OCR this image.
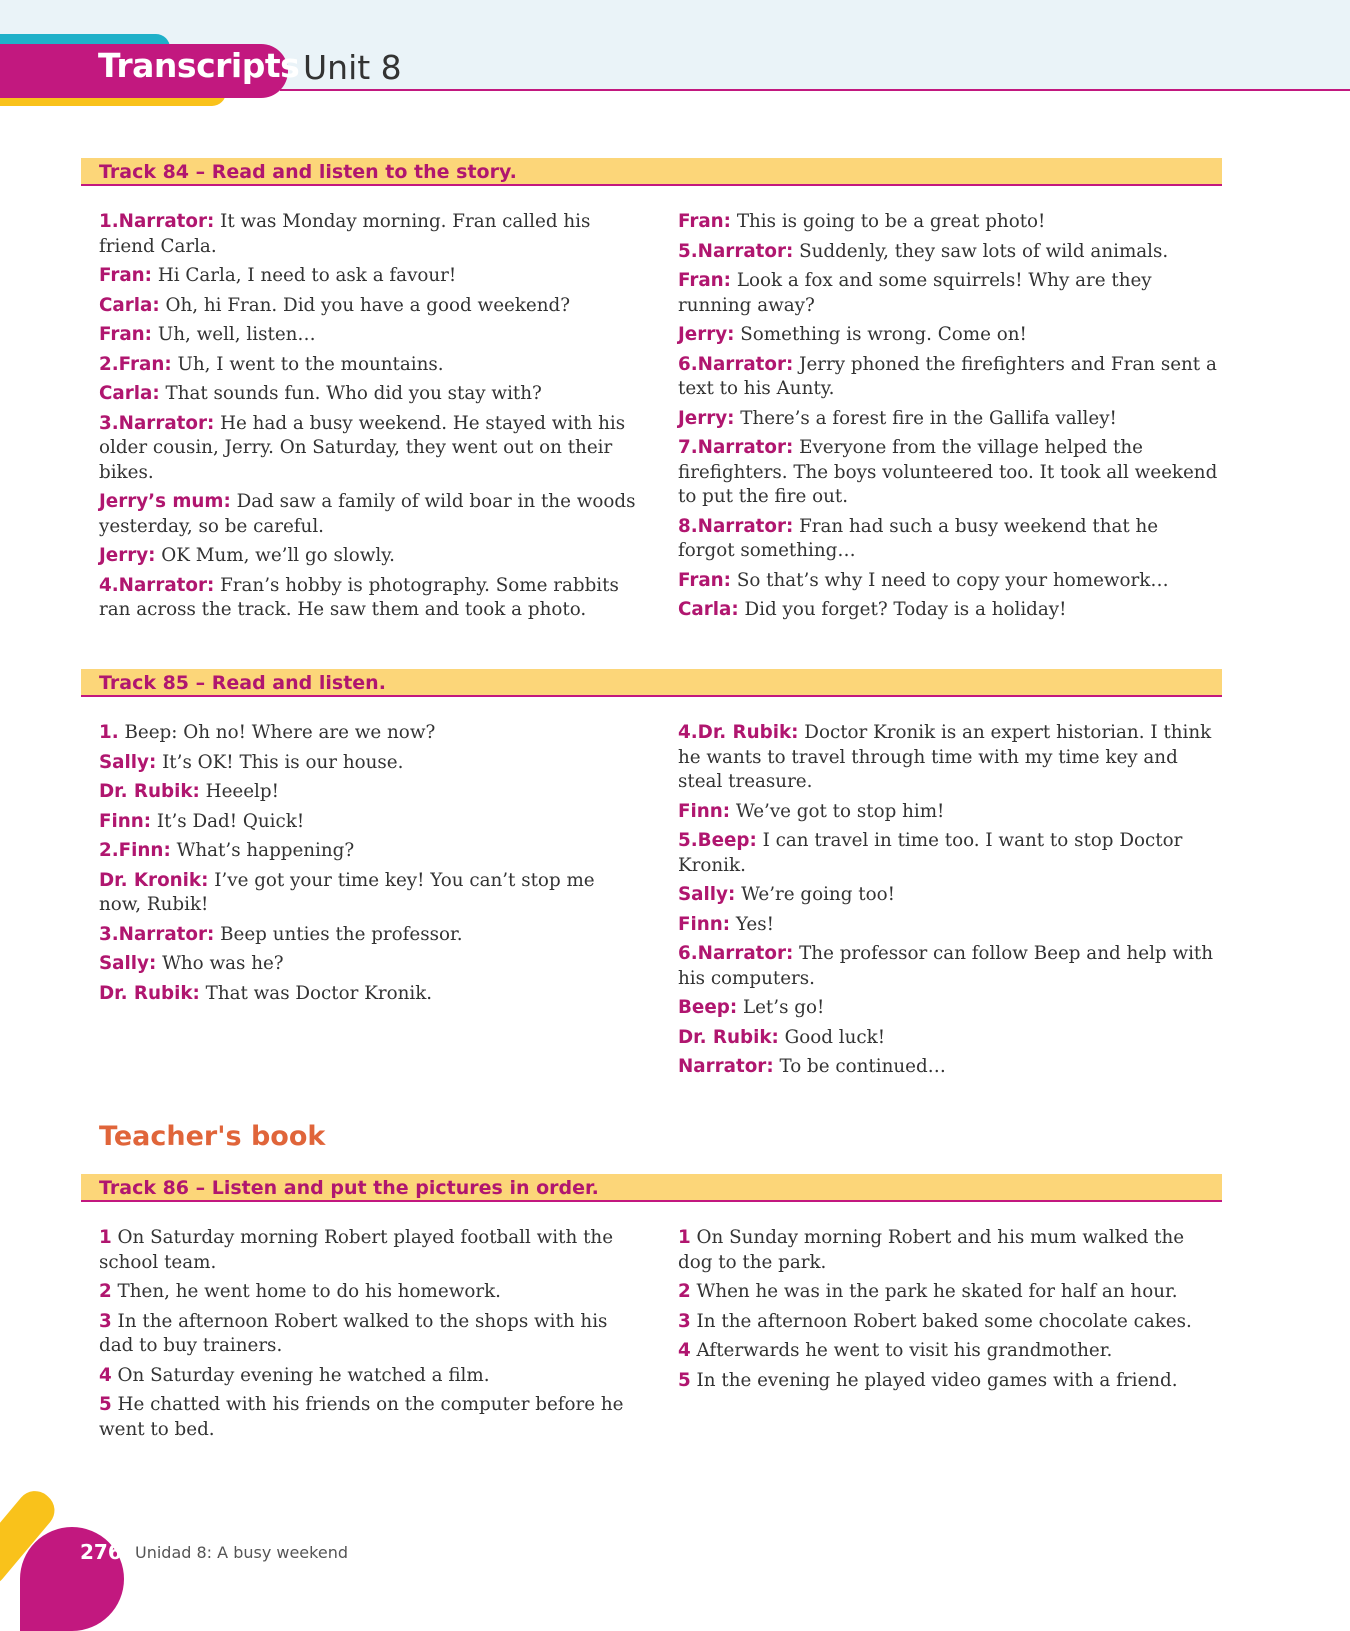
Transcripts Unit 8
Track 84 – Read and listen to the story.

1.Narrator: It was Monday morning. Fran called his friend Carla.

Fran: Hi Carla, I need to ask a favour!

Carla: Oh, hi Fran. Did you have a good weekend?

Fran: Uh, well, listen…

2.Fran: Uh, I went to the mountains.

Carla: That sounds fun. Who did you stay with?

3.Narrator: He had a busy weekend. He stayed with his older cousin, Jerry. On Saturday, they went out on their bikes.

Jerry’s mum: Dad saw a family of wild boar in the woods yesterday, so be careful.

Jerry: OK Mum, we’ll go slowly.

4.Narrator: Fran’s hobby is photography. Some rabbits ran across the track. He saw them and took a photo.

Fran: This is going to be a great photo!

5.Narrator: Suddenly, they saw lots of wild animals.

Fran: Look a fox and some squirrels! Why are they running away?

Jerry: Something is wrong. Come on!

6.Narrator: Jerry phoned the firefighters and Fran sent a text to his Aunty.

Jerry: There’s a forest fire in the Gallifa valley!

7.Narrator: Everyone from the village helped the firefighters. The boys volunteered too. It took all weekend to put the fire out.

8.Narrator: Fran had such a busy weekend that he forgot something…

Fran: So that’s why I need to copy your homework…

Carla: Did you forget? Today is a holiday!

Track 85 – Read and listen.

1. Beep: Oh no! Where are we now?

Sally: It’s OK! This is our house.

Dr. Rubik: Heeelp!

Finn: It’s Dad! Quick!

2.Finn: What’s happening?

Dr. Kronik: I’ve got your time key! You can’t stop me now, Rubik!

3.Narrator: Beep unties the professor.

Sally: Who was he?

Dr. Rubik: That was Doctor Kronik.

4.Dr. Rubik: Doctor Kronik is an expert historian. I think he wants to travel through time with my time key and steal treasure.

Finn: We’ve got to stop him!

5.Beep: I can travel in time too. I want to stop Doctor Kronik.

Sally: We’re going too!

Finn: Yes!

6.Narrator: The professor can follow Beep and help with his computers.

Beep: Let’s go!

Dr. Rubik: Good luck!

Narrator: To be continued…

Teacher's book
Track 86 – Listen and put the pictures in order.

1 On Saturday morning Robert played football with the school team.

2 Then, he went home to do his homework.

3 In the afternoon Robert walked to the shops with his dad to buy trainers.

4 On Saturday evening he watched a film.

5 He chatted with his friends on the computer before he went to bed.

1 On Sunday morning Robert and his mum walked the dog to the park.

2 When he was in the park he skated for half an hour.

3 In the afternoon Robert baked some chocolate cakes.

4 Afterwards he went to visit his grandmother.

5 In the evening he played video games with a friend.

276 Unidad 8: A busy weekend
